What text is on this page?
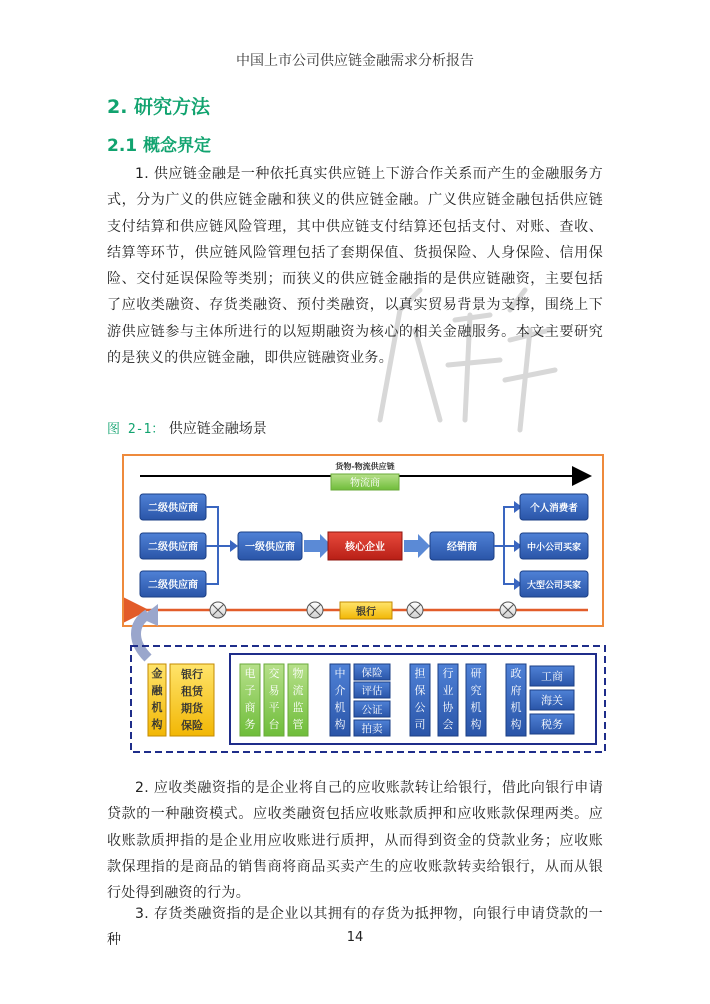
中国上市公司供应链金融需求分析报告
2. 研究方法
2.1 概念界定

1. 供应链金融是一种依托真实供应链上下游合作关系而产生的金融服务方式，分为广义的供应链金融和狭义的供应链金融。广义供应链金融包括供应链支付结算和供应链风险管理，其中供应链支付结算还包括支付、对账、查收、结算等环节，供应链风险管理包括了套期保值、货损保险、人身保险、信用保险、交付延误保险等类别；而狭义的供应链金融指的是供应链融资，主要包括了应收类融资、存货类融资、预付类融资，以真实贸易背景为支撑，围绕上下游供应链参与主体所进行的以短期融资为核心的相关金融服务。本文主要研究的是狭义的供应链金融，即供应链融资业务。

图 2-1： 供应链金融场景
货物-物流供应链
物流商
二级供应商
二级供应商
二级供应商
一级供应商	核心企业	经销商
个人消费者
中小公司买家
大型公司买家
银行
金融机构
银行
租赁
期货
保险
电子商务
交易平台
物流监管
中介机构
保险
评估
公证
拍卖
担保公司
行业协会
研究机构
政府机构
工商
海关
税务

2. 应收类融资指的是企业将自己的应收账款转让给银行，借此向银行申请贷款的一种融资模式。应收类融资包括应收账款质押和应收账款保理两类。应收账款质押指的是企业用应收账进行质押，从而得到资金的贷款业务；应收账款保理指的是商品的销售商将商品买卖产生的应收账款转卖给银行，从而从银行处得到融资的行为。

3. 存货类融资指的是企业以其拥有的存货为抵押物，向银行申请贷款的一种	14
